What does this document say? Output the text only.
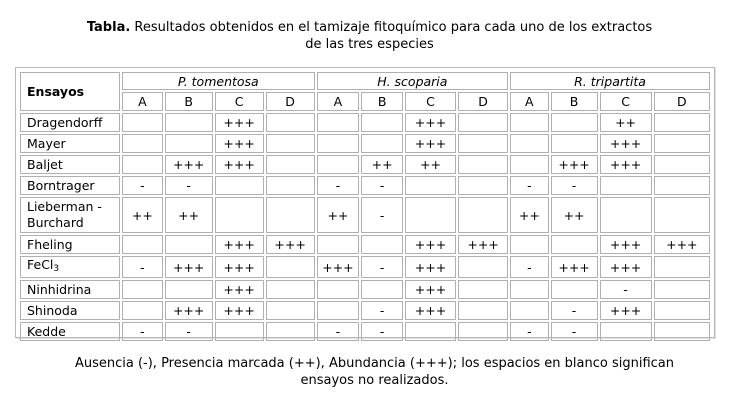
Tabla. Resultados obtenidos en el tamizaje fitoquímico para cada uno de los extractos
de las tres especies
Ensayos	P. tomentosa				H. scoparia				R. tripartita			
	A	B	C	D	A	B	C	D	A	B	C	D
Dragendorff			+++				+++				++	
Mayer			+++				+++				+++	
Baljet		+++	+++			++	++			+++	+++	
Borntrager	-	-			-	-			-	-		
Lieberman - Burchard	++	++			++	-			++	++		
Fheling			+++	+++			+++	+++			+++	+++
FeCl$_3$	-	+++	+++		+++	-	+++		-	+++	+++	
Ninhidrina			+++				+++				-	
Shinoda		+++	+++			-	+++			-	+++	
Kedde	-	-			-	-			-	-		
Ausencia (-), Presencia marcada (++), Abundancia (+++); los espacios en blanco significan
ensayos no realizados.
